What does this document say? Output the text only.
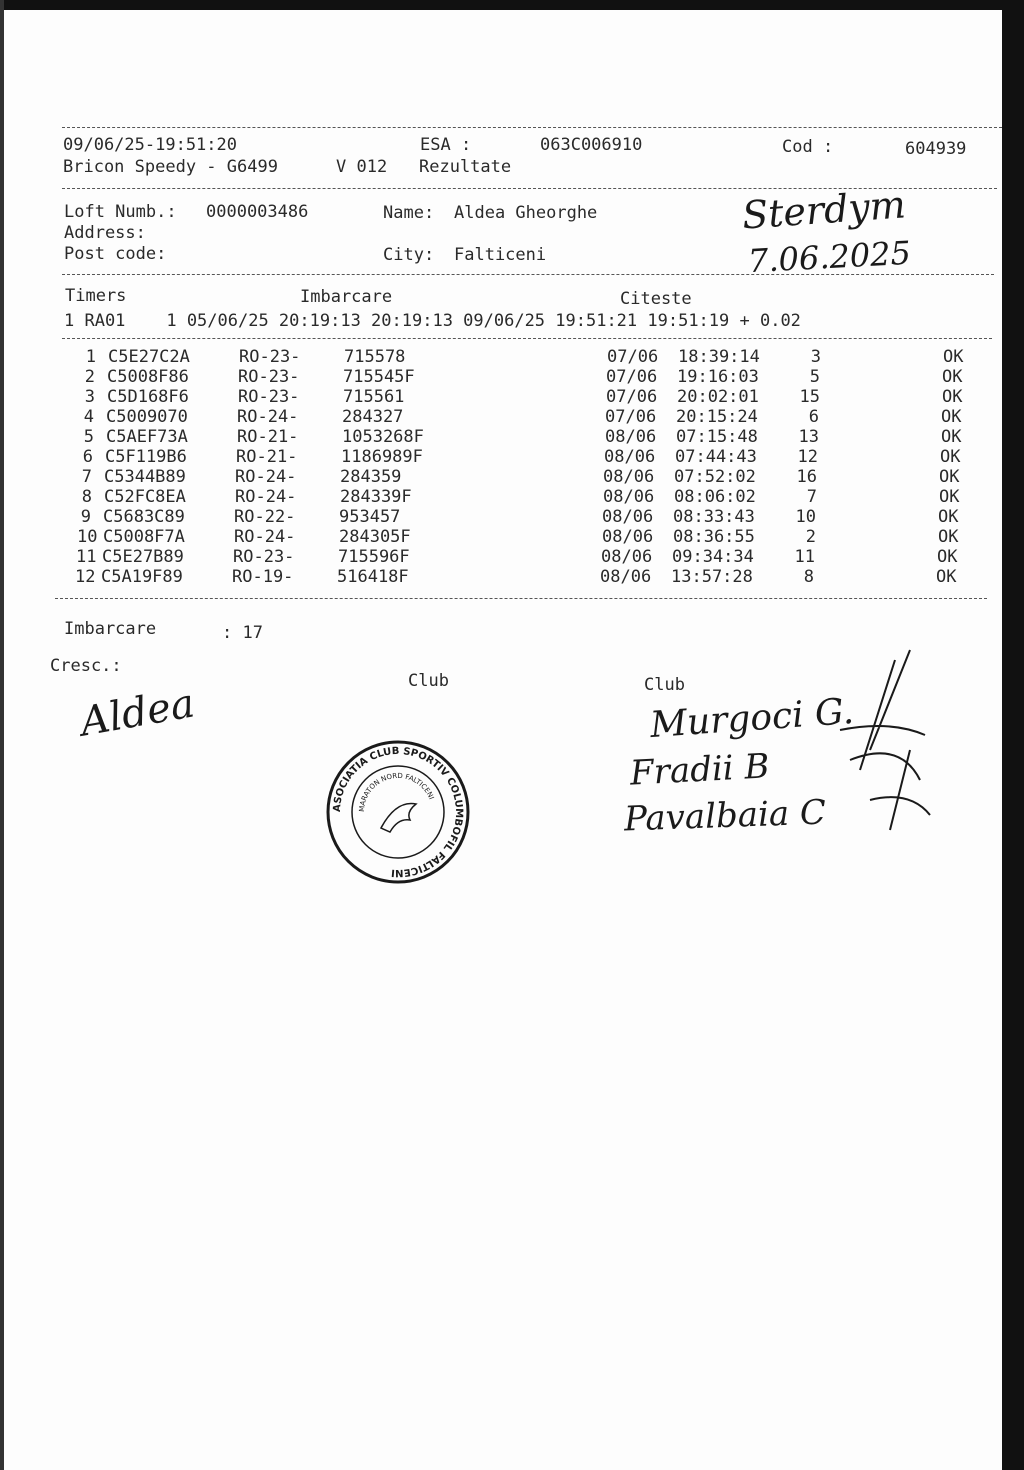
09/06/25-19:51:20	ESA :	063C006910	Cod :	604939
Bricon Speedy - G6499	V 012 Rezultate
Loft Numb.: 0000003486	Name: Aldea Gheorghe
Address:
Post code:	City: Falticeni
Sterdym
7.06.2025
Timers	Imbarcare	Citeste
1 RA01    1 05/06/25 20:19:13 20:19:13 09/06/25 19:51:21 19:51:19 + 0.02
1 C5E27C2A	RO-23-	715578	07/06 18:39:14	3	OK
2 C5008F86	RO-23-	715545F	07/06 19:16:03	5	OK
3 C5D168F6	RO-23-	715561	07/06 20:02:01 15	OK
4 C5009070	RO-24-	284327	07/06 20:15:24	6	OK
5 C5AEF73A	RO-21-	1053268F	08/06 07:15:48 13	OK
6 C5F119B6	RO-21-	1186989F	08/06 07:44:43 12	OK
7 C5344B89	RO-24-	284359	08/06 07:52:02 16	OK
8 C52FC8EA	RO-24-	284339F	08/06 08:06:02	7	OK
9 C5683C89	RO-22-	953457	08/06 08:33:43 10	OK
10 C5008F7A	RO-24-	284305F	08/06 08:36:55	2	OK
11 C5E27B89	RO-23-	715596F	08/06 09:34:34 11	OK
12 C5A19F89	RO-19-	516418F	08/06 13:57:28	8	OK
Imbarcare	: 17
Cresc.:
Club	Club
Aldea	Murgoci G.
Fradii B
Pavalbaia C
ASOCIATIA CLUB SPORTIV COLUMBOFIL FALTICENI
MARATON NORD FALTICENI
